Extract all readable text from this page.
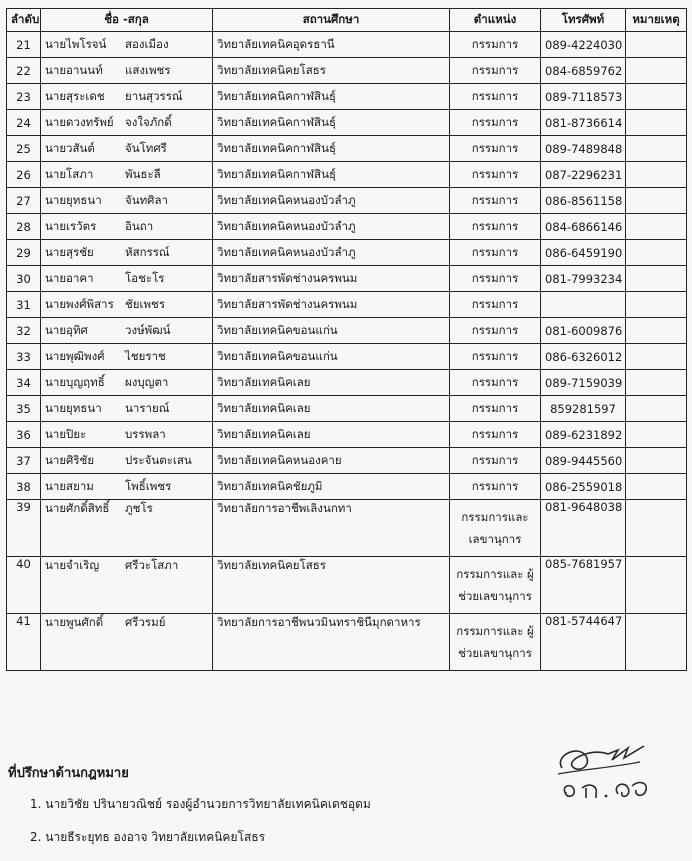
ลำดับ	ชื่อ -สกุล	สถานศึกษา	ตำแหน่ง	โทรศัพท์	หมายเหตุ
21	นายไพโรจน์ สองเมือง	วิทยาลัยเทคนิคอุดรธานี	กรรมการ	089-4224030	
22	นายอานนท์ แสงเพชร	วิทยาลัยเทคนิคยโสธร	กรรมการ	084-6859762	
23	นายสุระเดช ยานสุวรรณ์	วิทยาลัยเทคนิคกาฬสินธุ์	กรรมการ	089-7118573	
24	นายดวงทรัพย์ จงใจภักดิ์	วิทยาลัยเทคนิคกาฬสินธุ์	กรรมการ	081-8736614	
25	นายวสันต์ จันโทศรี	วิทยาลัยเทคนิคกาฬสินธุ์	กรรมการ	089-7489848	
26	นายโสภา พันธะลี	วิทยาลัยเทคนิคกาฬสินธุ์	กรรมการ	087-2296231	
27	นายยุทธนา จันทศิลา	วิทยาลัยเทคนิคหนองบัวลำภู	กรรมการ	086-8561158	
28	นายเรวัตร อินถา	วิทยาลัยเทคนิคหนองบัวลำภู	กรรมการ	084-6866146	
29	นายสุรชัย หัสกรรณ์	วิทยาลัยเทคนิคหนองบัวลำภู	กรรมการ	086-6459190	
30	นายอาคา โอชะโร	วิทยาลัยสารพัดช่างนครพนม	กรรมการ	081-7993234	
31	นายพงศ์พิสาร ชัยเพชร	วิทยาลัยสารพัดช่างนครพนม	กรรมการ		
32	นายอุทิศ วงษ์พัฒน์	วิทยาลัยเทคนิคขอนแก่น	กรรมการ	081-6009876	
33	นายพุฒิพงศ์ ไชยราช	วิทยาลัยเทคนิคขอนแก่น	กรรมการ	086-6326012	
34	นายบุญฤทธิ์ ผงบุญตา	วิทยาลัยเทคนิคเลย	กรรมการ	089-7159039	
35	นายยุทธนา นารายณ์	วิทยาลัยเทคนิคเลย	กรรมการ	859281597	
36	นายปิยะ บรรพลา	วิทยาลัยเทคนิคเลย	กรรมการ	089-6231892	
37	นายศิริชัย ประจันตะเสน	วิทยาลัยเทคนิคหนองคาย	กรรมการ	089-9445560	
38	นายสยาม โพธิ์เพชร	วิทยาลัยเทคนิคชัยภูมิ	กรรมการ	086-2559018	
39	นายศักดิ์สิทธิ์ ภูชโร	วิทยาลัยการอาชีพเลิงนกทา	กรรมการและ เลขานุการ	081-9648038	
40	นายจำเริญ ศรีวะโสภา	วิทยาลัยเทคนิคยโสธร	กรรมการและ ผู้ช่วยเลขานุการ	085-7681957	
41	นายพูนศักดิ์ ศรีวรมย์	วิทยาลัยการอาชีพนวมินทราชินีมุกดาหาร	กรรมการและ ผู้ช่วยเลขานุการ	081-5744647	
ที่ปรึกษาด้านกฎหมาย
1. นายวิชัย ปรินายวณิชย์ รองผู้อำนวยการวิทยาลัยเทคนิคเดชอุดม
2. นายธีระยุทธ องอาจ วิทยาลัยเทคนิคยโสธร
